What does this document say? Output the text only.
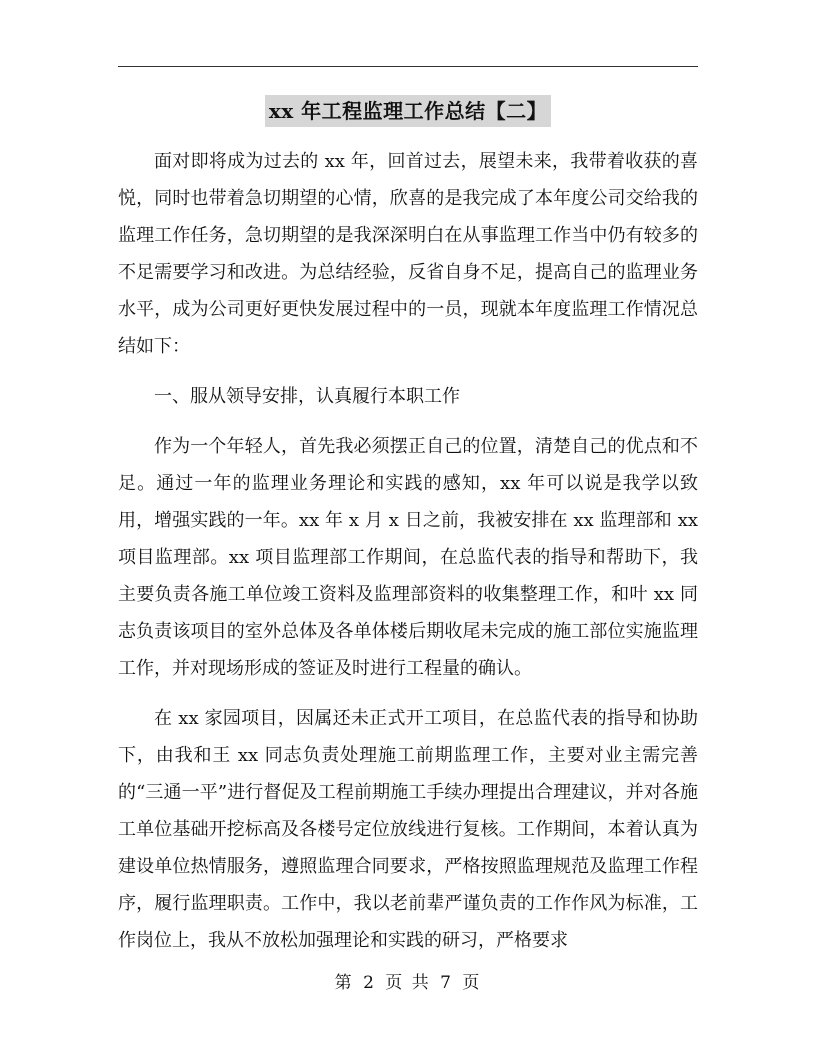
xx 年工程监理工作总结【二】

面对即将成为过去的 xx 年，回首过去，展望未来，我带着收获的喜悦，同时也带着急切期望的心情，欣喜的是我完成了本年度公司交给我的监理工作任务，急切期望的是我深深明白在从事监理工作当中仍有较多的不足需要学习和改进。为总结经验，反省自身不足，提高自己的监理业务水平，成为公司更好更快发展过程中的一员，现就本年度监理工作情况总结如下：

一、服从领导安排，认真履行本职工作

作为一个年轻人，首先我必须摆正自己的位置，清楚自己的优点和不足。通过一年的监理业务理论和实践的感知，xx 年可以说是我学以致用，增强实践的一年。xx 年 x 月 x 日之前，我被安排在 xx 监理部和 xx 项目监理部。xx 项目监理部工作期间，在总监代表的指导和帮助下，我主要负责各施工单位竣工资料及监理部资料的收集整理工作，和叶 xx 同志负责该项目的室外总体及各单体楼后期收尾未完成的施工部位实施监理工作，并对现场形成的签证及时进行工程量的确认。

在 xx 家园项目，因属还未正式开工项目，在总监代表的指导和协助下，由我和王 xx 同志负责处理施工前期监理工作，主要对业主需完善的“三通一平”进行督促及工程前期施工手续办理提出合理建议，并对各施工单位基础开挖标高及各楼号定位放线进行复核。工作期间，本着认真为建设单位热情服务，遵照监理合同要求，严格按照监理规范及监理工作程序，履行监理职责。工作中，我以老前辈严谨负责的工作作风为标准，工作岗位上，我从不放松加强理论和实践的研习，严格要求

第 2 页 共 7 页
